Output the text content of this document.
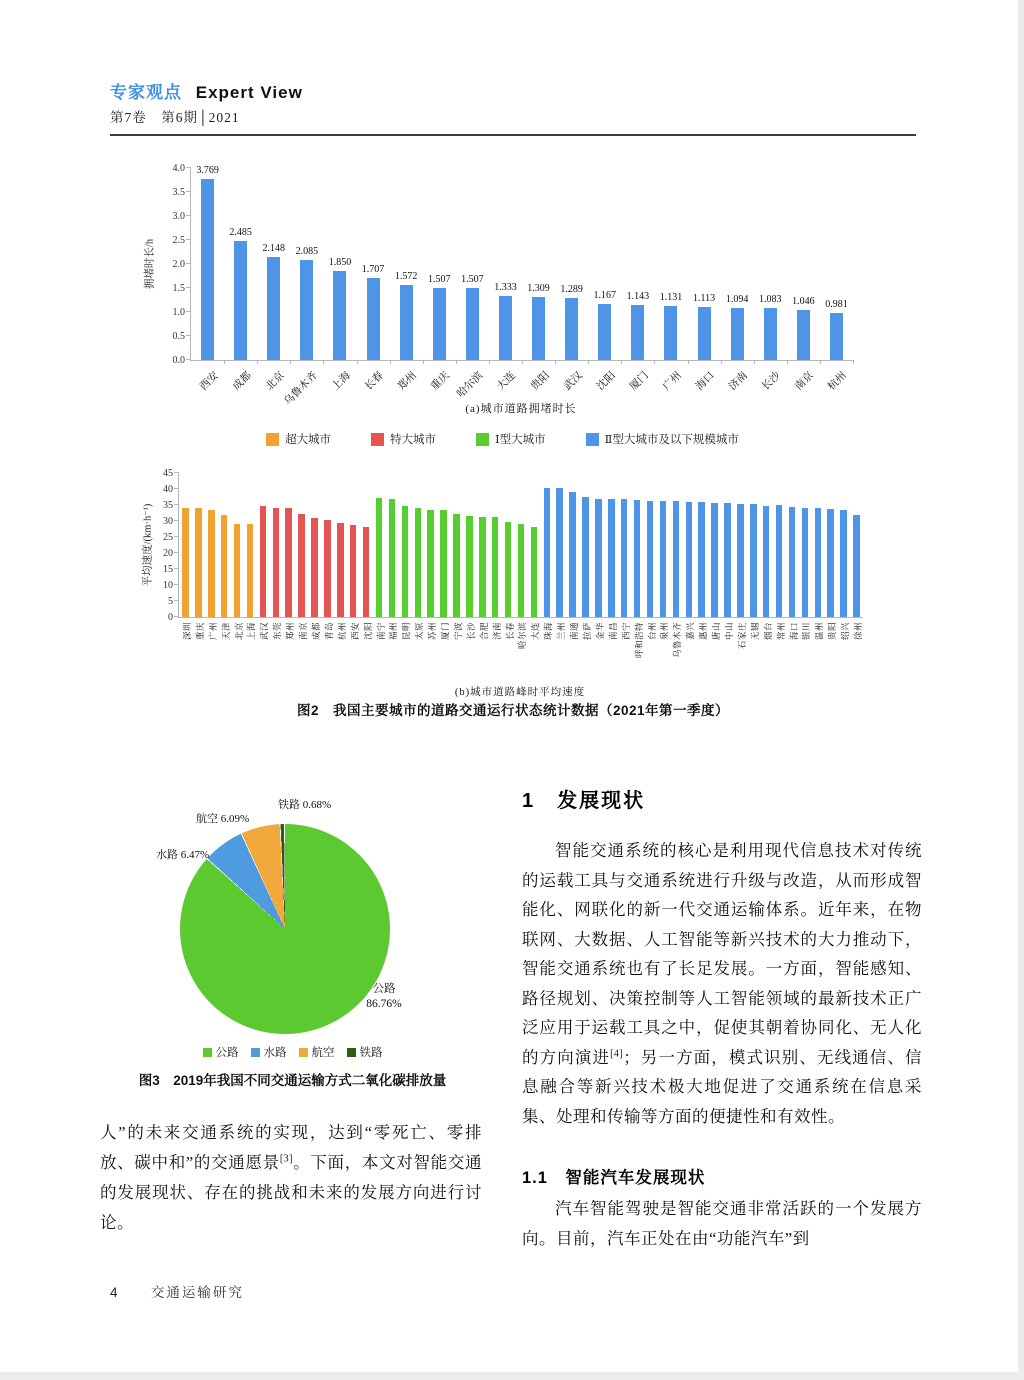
专家观点 Expert View
第7卷　第6期│2021
拥堵时长/h
0.0
0.5
1.0
1.5
2.0
2.5
3.0
3.5
4.0	3.769
西安
2.485
成都
2.148
北京
2.085
乌鲁木齐
1.850
上海
1.707
长春
1.572
郑州
1.507
重庆
1.507
哈尔滨
1.333
大连
1.309
贵阳
1.289
武汉
1.167
沈阳
1.143
厦门
1.131
广州
1.113
海口
1.094
济南
1.083
长沙
1.046
南京
0.981
杭州
(a)城市道路拥堵时长
超大城市	特大城市	Ⅰ型大城市	Ⅱ型大城市及以下规模城市
平均速度/(km·h⁻¹)
0
5
10
15
20
25
30
35
40
45
深圳 重庆 广州 天津 北京 上海 武汉 东莞 郑州 南京 成都 青岛 杭州 西安 沈阳 南宁 福州 昆明 太原 苏州 厦门 宁波 长沙 合肥 济南 长春 哈尔滨 大连 珠海 兰州 南通 拉萨 金华 南昌 西宁 呼和浩特 台州 泉州 乌鲁木齐 嘉兴 惠州 唐山 中山 石家庄 无锡 烟台 常州 海口 银川 温州 贵阳 绍兴 徐州
(b)城市道路峰时平均速度
图2　我国主要城市的道路交通运行状态统计数据（2021年第一季度）
铁路 0.68%
航空 6.09%
水路 6.47%
公路
86.76%
公路 水路 航空 铁路
图3　2019年我国不同交通运输方式二氧化碳排放量
人”的未来交通系统的实现，达到“零死亡、零排放、碳中和”的交通愿景[3]。下面，本文对智能交通的发展现状、存在的挑战和未来的发展方向进行讨论。
1　发展现状
智能交通系统的核心是利用现代信息技术对传统的运载工具与交通系统进行升级与改造，从而形成智能化、网联化的新一代交通运输体系。近年来，在物联网、大数据、人工智能等新兴技术的大力推动下，智能交通系统也有了长足发展。一方面，智能感知、路径规划、决策控制等人工智能领域的最新技术正广泛应用于运载工具之中，促使其朝着协同化、无人化的方向演进[4]；另一方面，模式识别、无线通信、信息融合等新兴技术极大地促进了交通系统在信息采集、处理和传输等方面的便捷性和有效性。
1.1　智能汽车发展现状
汽车智能驾驶是智能交通非常活跃的一个发展方向。目前，汽车正处在由“功能汽车”到
4 交通运输研究
